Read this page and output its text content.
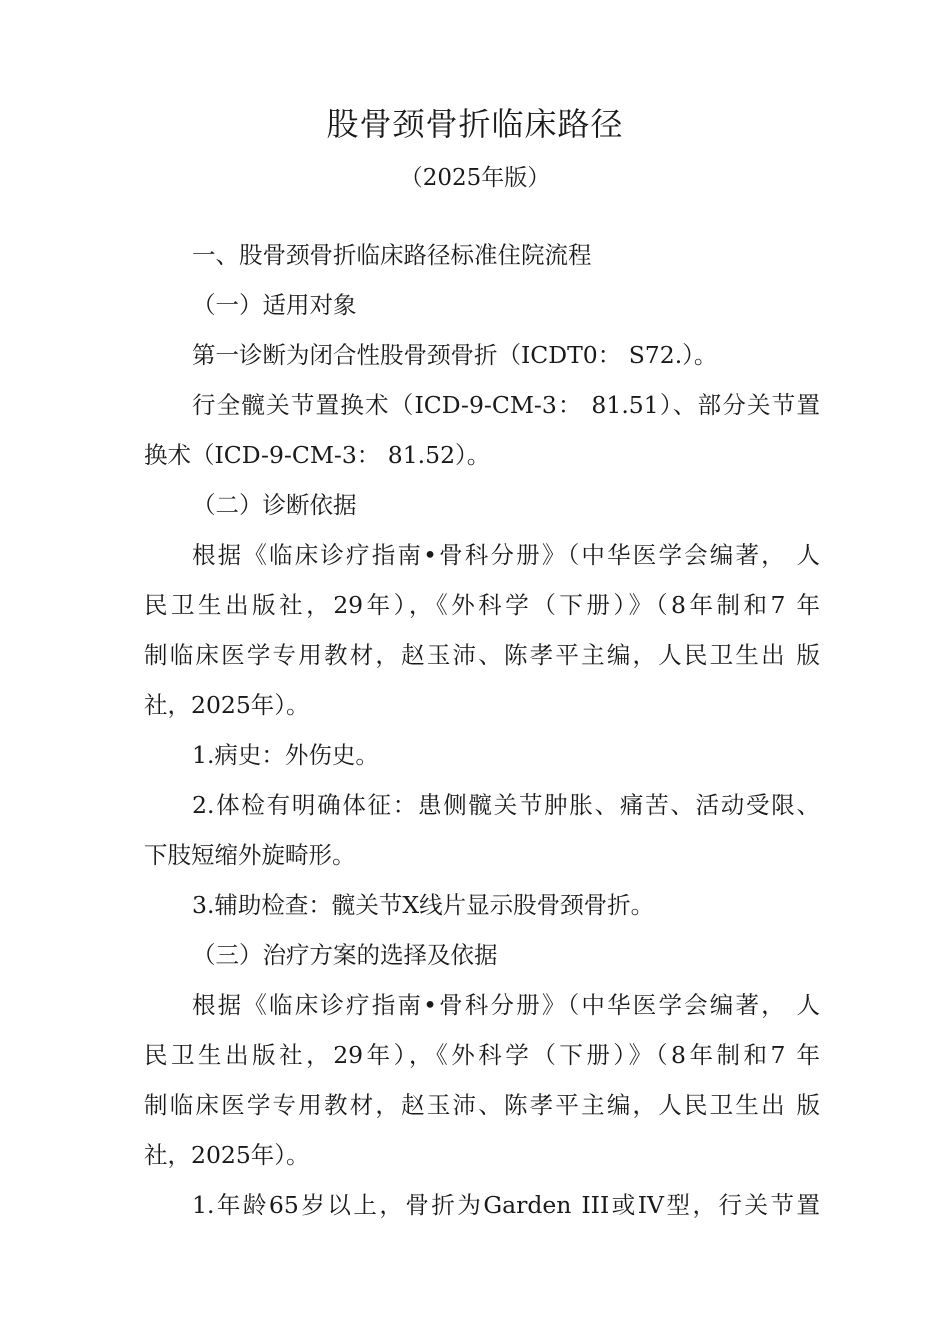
股骨颈骨折临床路径
（2025年版）

一、股骨颈骨折临床路径标准住院流程

（一）适用对象

第一诊断为闭合性股骨颈骨折（ICDT0： S72.）。

行全髋关节置换术（ICD-9-CM-3： 81.51）、部分关节置

换术（ICD-9-CM-3： 81.52）。

（二）诊断依据

根据《临床诊疗指南•骨科分册》（中华医学会编著， 人

民卫生出版社，29年），《外科学（下册）》（8年制和7 年

制临床医学专用教材，赵玉沛、陈孝平主编，人民卫生出 版

社，2025年）。

1.病史：外伤史。

2.体检有明确体征：患侧髋关节肿胀、痛苦、活动受限、

下肢短缩外旋畸形。

3.辅助检查：髋关节X线片显示股骨颈骨折。

（三）治疗方案的选择及依据

根据《临床诊疗指南•骨科分册》（中华医学会编著， 人

民卫生出版社，29年），《外科学（下册）》（8年制和7 年

制临床医学专用教材，赵玉沛、陈孝平主编，人民卫生出 版

社，2025年）。

1.年龄65岁以上，骨折为Garden III或IV型，行关节置
